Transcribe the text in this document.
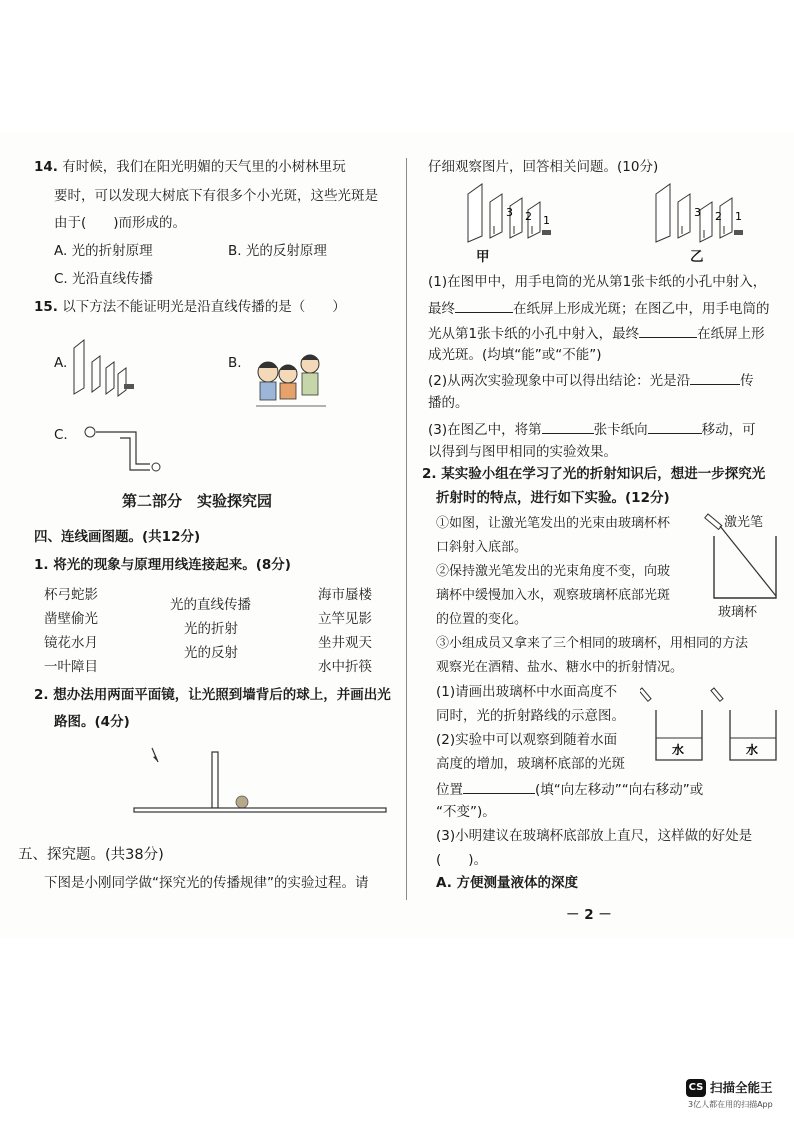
14. 有时候，我们在阳光明媚的天气里的小树林里玩
要时，可以发现大树底下有很多个小光斑，这些光斑是
由于(　　)而形成的。
A. 光的折射原理	B. 光的反射原理
C. 光沿直线传播
15. 以下方法不能证明光是沿直线传播的是（　　）
A.	B.
C.
第二部分　实验探究园
四、连线画图题。(共12分)
1. 将光的现象与原理用线连接起来。(8分)
杯弓蛇影
凿壁偷光
镜花水月
一叶障目
光的直线传播
光的折射
光的反射
海市蜃楼
立竿见影
坐井观天
水中折筷
2. 想办法用两面平面镜，让光照到墙背后的球上，并画出光
路图。(4分)
五、探究题。(共38分)
下图是小刚同学做“探究光的传播规律”的实验过程。请
仔细观察图片，回答相关问题。(10分)
3 2 1
甲
3 2 1
乙
(1)在图甲中，用手电筒的光从第1张卡纸的小孔中射入，
最终	在纸屏上形成光斑；在图乙中，用手电筒的
光从第1张卡纸的小孔中射入，最终	在纸屏上形
成光斑。(均填“能”或“不能”)
(2)从两次实验现象中可以得出结论：光是沿	传
播的。
(3)在图乙中，将第	张卡纸向	移动，可
以得到与图甲相同的实验效果。
2. 某实验小组在学习了光的折射知识后，想进一步探究光
折射时的特点，进行如下实验。(12分)
①如图，让激光笔发出的光束由玻璃杯杯
口斜射入底部。
②保持激光笔发出的光束角度不变，向玻
璃杯中缓慢加入水，观察玻璃杯底部光斑
的位置的变化。
激光笔
玻璃杯
③小组成员又拿来了三个相同的玻璃杯，用相同的方法
观察光在酒精、盐水、糖水中的折射情况。
(1)请画出玻璃杯中水面高度不
同时，光的折射路线的示意图。
水	水
(2)实验中可以观察到随着水面
高度的增加，玻璃杯底部的光斑
位置	(填“向左移动”“向右移动”或
“不变”)。
(3)小明建议在玻璃杯底部放上直尺，这样做的好处是
(　　)。
A. 方便测量液体的深度
－ 2 －
CS 扫描全能王
3亿人都在用的扫描App
